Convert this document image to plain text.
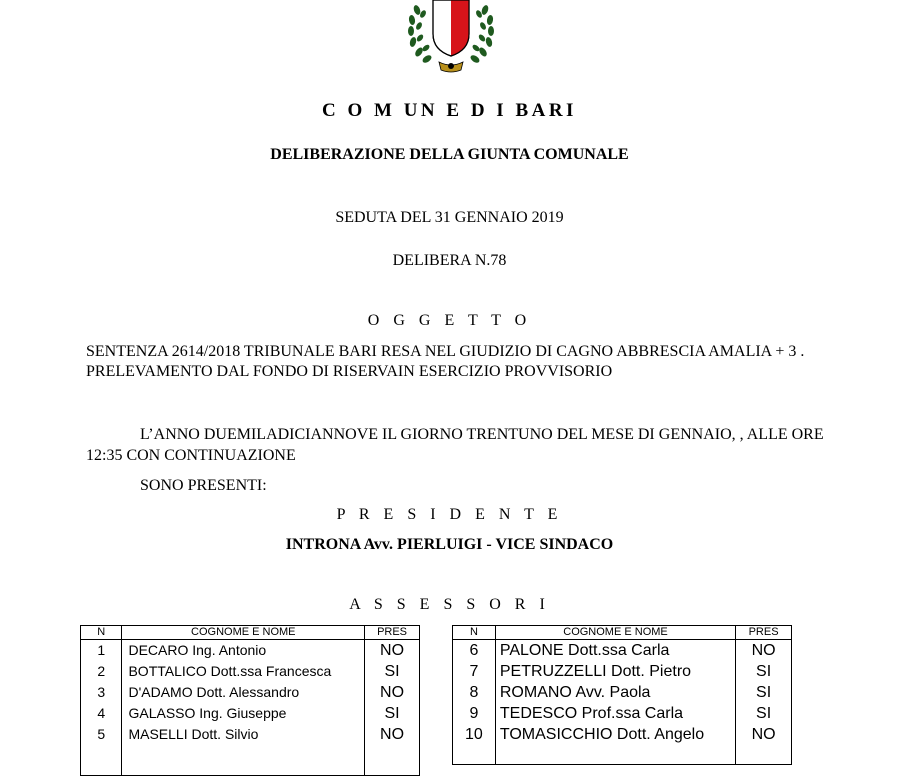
C O M UN E D I BARI
DELIBERAZIONE DELLA GIUNTA COMUNALE
SEDUTA DEL 31 GENNAIO 2019
DELIBERA N.78
O G G E T T O
SENTENZA 2614/2018 TRIBUNALE BARI RESA NEL GIUDIZIO DI CAGNO ABBRESCIA AMALIA + 3 . PRELEVAMENTO DAL FONDO DI RISERVAIN ESERCIZIO PROVVISORIO
L’ANNO DUEMILADICIANNOVE IL GIORNO TRENTUNO DEL MESE DI GENNAIO, , ALLE ORE 12:35 CON CONTINUAZIONE
SONO PRESENTI:
P R E S I D E N T E
INTRONA Avv. PIERLUIGI - VICE SINDACO
A S S E S S O R I
N	COGNOME E NOME	PRES
1	DECARO Ing. Antonio	NO
2	BOTTALICO Dott.ssa Francesca	SI
3	D'ADAMO Dott. Alessandro	NO
4	GALASSO Ing. Giuseppe	SI
5	MASELLI Dott. Silvio	NO

N	COGNOME E NOME	PRES
6	PALONE Dott.ssa Carla	NO
7	PETRUZZELLI Dott. Pietro	SI
8	ROMANO Avv. Paola	SI
9	TEDESCO Prof.ssa Carla	SI
10	TOMASICCHIO Dott. Angelo	NO
